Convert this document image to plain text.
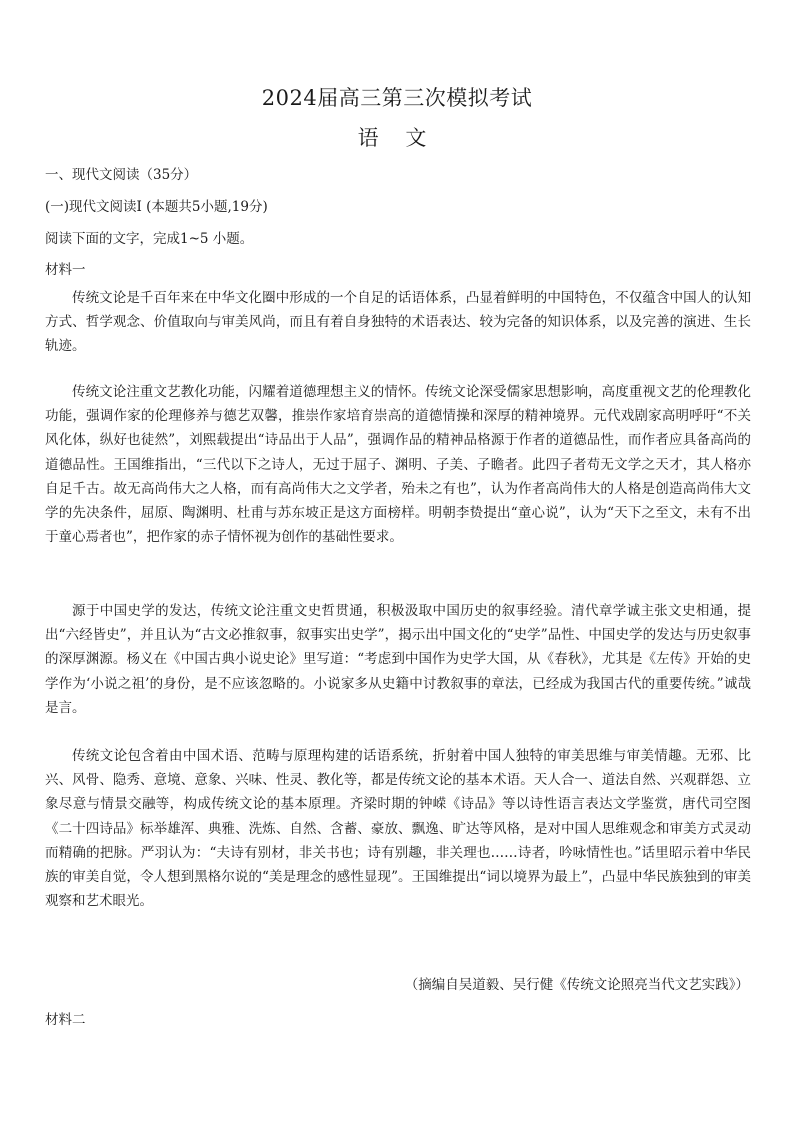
2024届高三第三次模拟考试
语 文
一、现代文阅读（35分）
(一)现代文阅读Ⅰ (本题共5小题,19分)
阅读下面的文字，完成1~5 小题。
材料一

传统文论是千百年来在中华文化圈中形成的一个自足的话语体系，凸显着鲜明的中国特色，不仅蕴含中国人的认知方式、哲学观念、价值取向与审美风尚，而且有着自身独特的术语表达、较为完备的知识体系，以及完善的演进、生长轨迹。

传统文论注重文艺教化功能，闪耀着道德理想主义的情怀。传统文论深受儒家思想影响，高度重视文艺的伦理教化功能，强调作家的伦理修养与德艺双馨，推崇作家培育崇高的道德情操和深厚的精神境界。元代戏剧家高明呼吁“不关风化体，纵好也徒然”，刘熙载提出“诗品出于人品”，强调作品的精神品格源于作者的道德品性，而作者应具备高尚的道德品性。王国维指出，“三代以下之诗人，无过于屈子、渊明、子美、子瞻者。此四子者苟无文学之天才，其人格亦自足千古。故无高尚伟大之人格，而有高尚伟大之文学者，殆未之有也”，认为作者高尚伟大的人格是创造高尚伟大文学的先决条件，屈原、陶渊明、杜甫与苏东坡正是这方面榜样。明朝李贽提出“童心说”，认为“天下之至文，未有不出于童心焉者也”，把作家的赤子情怀视为创作的基础性要求。

源于中国史学的发达，传统文论注重文史哲贯通，积极汲取中国历史的叙事经验。清代章学诚主张文史相通，提出“六经皆史”，并且认为“古文必推叙事，叙事实出史学”，揭示出中国文化的“史学”品性、中国史学的发达与历史叙事的深厚渊源。杨义在《中国古典小说史论》里写道：“考虑到中国作为史学大国，从《春秋》，尤其是《左传》开始的史学作为‘小说之祖’的身份，是不应该忽略的。小说家多从史籍中讨教叙事的章法，已经成为我国古代的重要传统。”诚哉是言。

传统文论包含着由中国术语、范畴与原理构建的话语系统，折射着中国人独特的审美思维与审美情趣。无邪、比兴、风骨、隐秀、意境、意象、兴味、性灵、教化等，都是传统文论的基本术语。天人合一、道法自然、兴观群怨、立象尽意与情景交融等，构成传统文论的基本原理。齐梁时期的钟嵘《诗品》等以诗性语言表达文学鉴赏，唐代司空图《二十四诗品》标举雄浑、典雅、洗炼、自然、含蓄、豪放、飘逸、旷达等风格，是对中国人思维观念和审美方式灵动而精确的把脉。严羽认为：“夫诗有别材，非关书也；诗有别趣，非关理也……诗者，吟咏情性也。”话里昭示着中华民族的审美自觉，令人想到黑格尔说的“美是理念的感性显现”。王国维提出“词以境界为最上”，凸显中华民族独到的审美观察和艺术眼光。

（摘编自吴道毅、吴行健《传统文论照亮当代文艺实践》）
材料二
